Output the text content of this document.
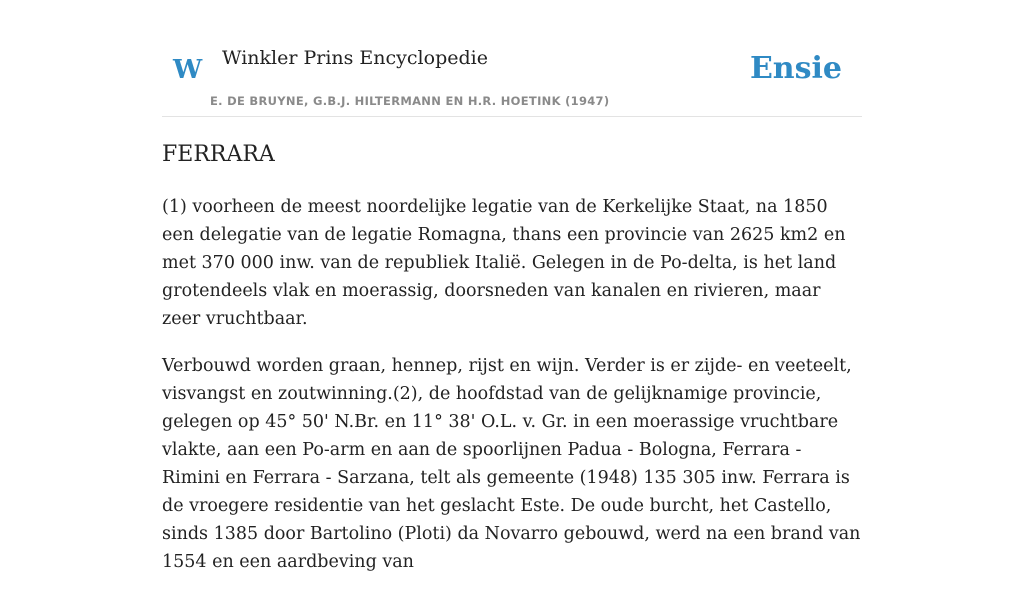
W Winkler Prins Encyclopedie
E. DE BRUYNE, G.B.J. HILTERMANN EN H.R. HOETINK (1947)
Ensie
FERRARA

(1) voorheen de meest noordelijke legatie van de Kerkelijke Staat, na 1850 een delegatie van de legatie Romagna, thans een provincie van 2625 km2 en met 370 000 inw. van de republiek Italië. Gelegen in de Po-delta, is het land grotendeels vlak en moerassig, doorsneden van kanalen en rivieren, maar zeer vruchtbaar.

Verbouwd worden graan, hennep, rijst en wijn. Verder is er zijde- en veeteelt, visvangst en zoutwinning.(2), de hoofdstad van de gelijknamige provincie, gelegen op 45° 50' N.Br. en 11° 38' O.L. v. Gr. in een moerassige vruchtbare vlakte, aan een Po-arm en aan de spoorlijnen Padua - Bologna, Ferrara - Rimini en Ferrara - Sarzana, telt als gemeente (1948) 135 305 inw. Ferrara is de vroegere residentie van het geslacht Este. De oude burcht, het Castello, sinds 1385 door Bartolino (Ploti) da Novarro gebouwd, werd na een brand van 1554 en een aardbeving van
